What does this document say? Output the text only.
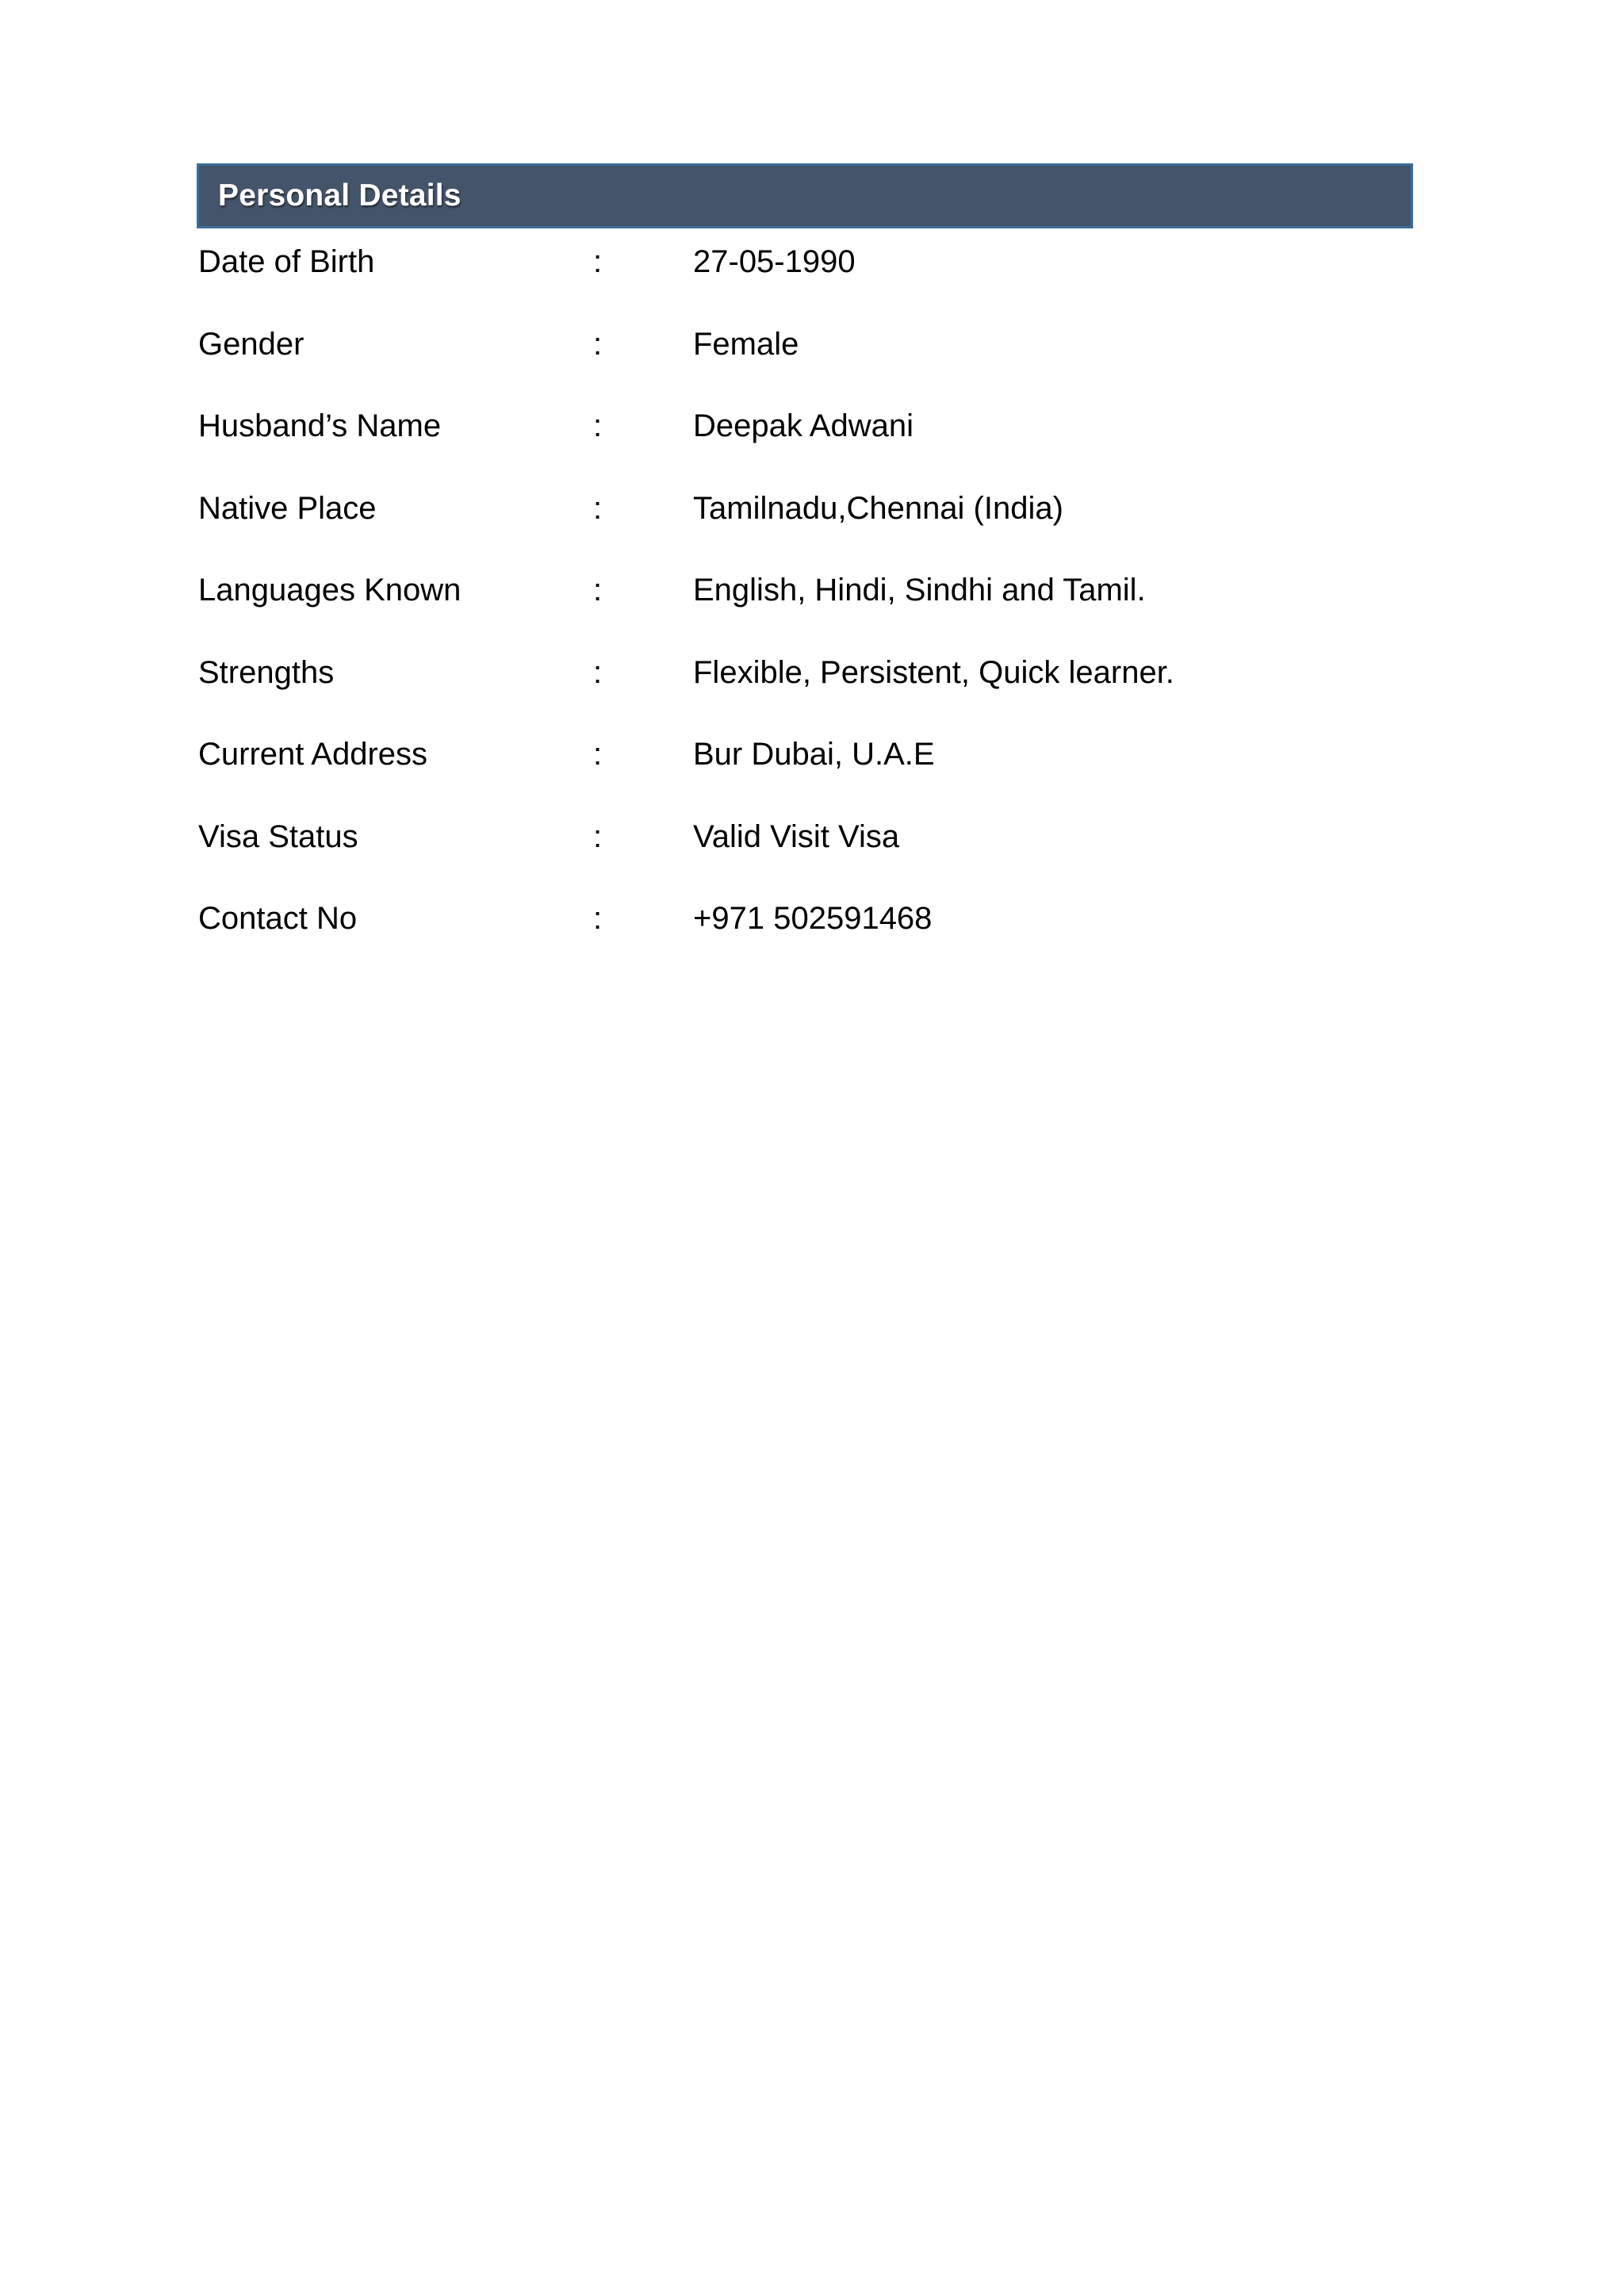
Personal Details
Date of Birth	:	27-05-1990
Gender	:	Female
Husband’s Name	:	Deepak Adwani
Native Place	:	Tamilnadu,Chennai (India)
Languages Known	:	English, Hindi, Sindhi and Tamil.
Strengths	:	Flexible, Persistent, Quick learner.
Current Address	:	Bur Dubai, U.A.E
Visa Status	:	Valid Visit Visa
Contact No	:	+971 502591468
